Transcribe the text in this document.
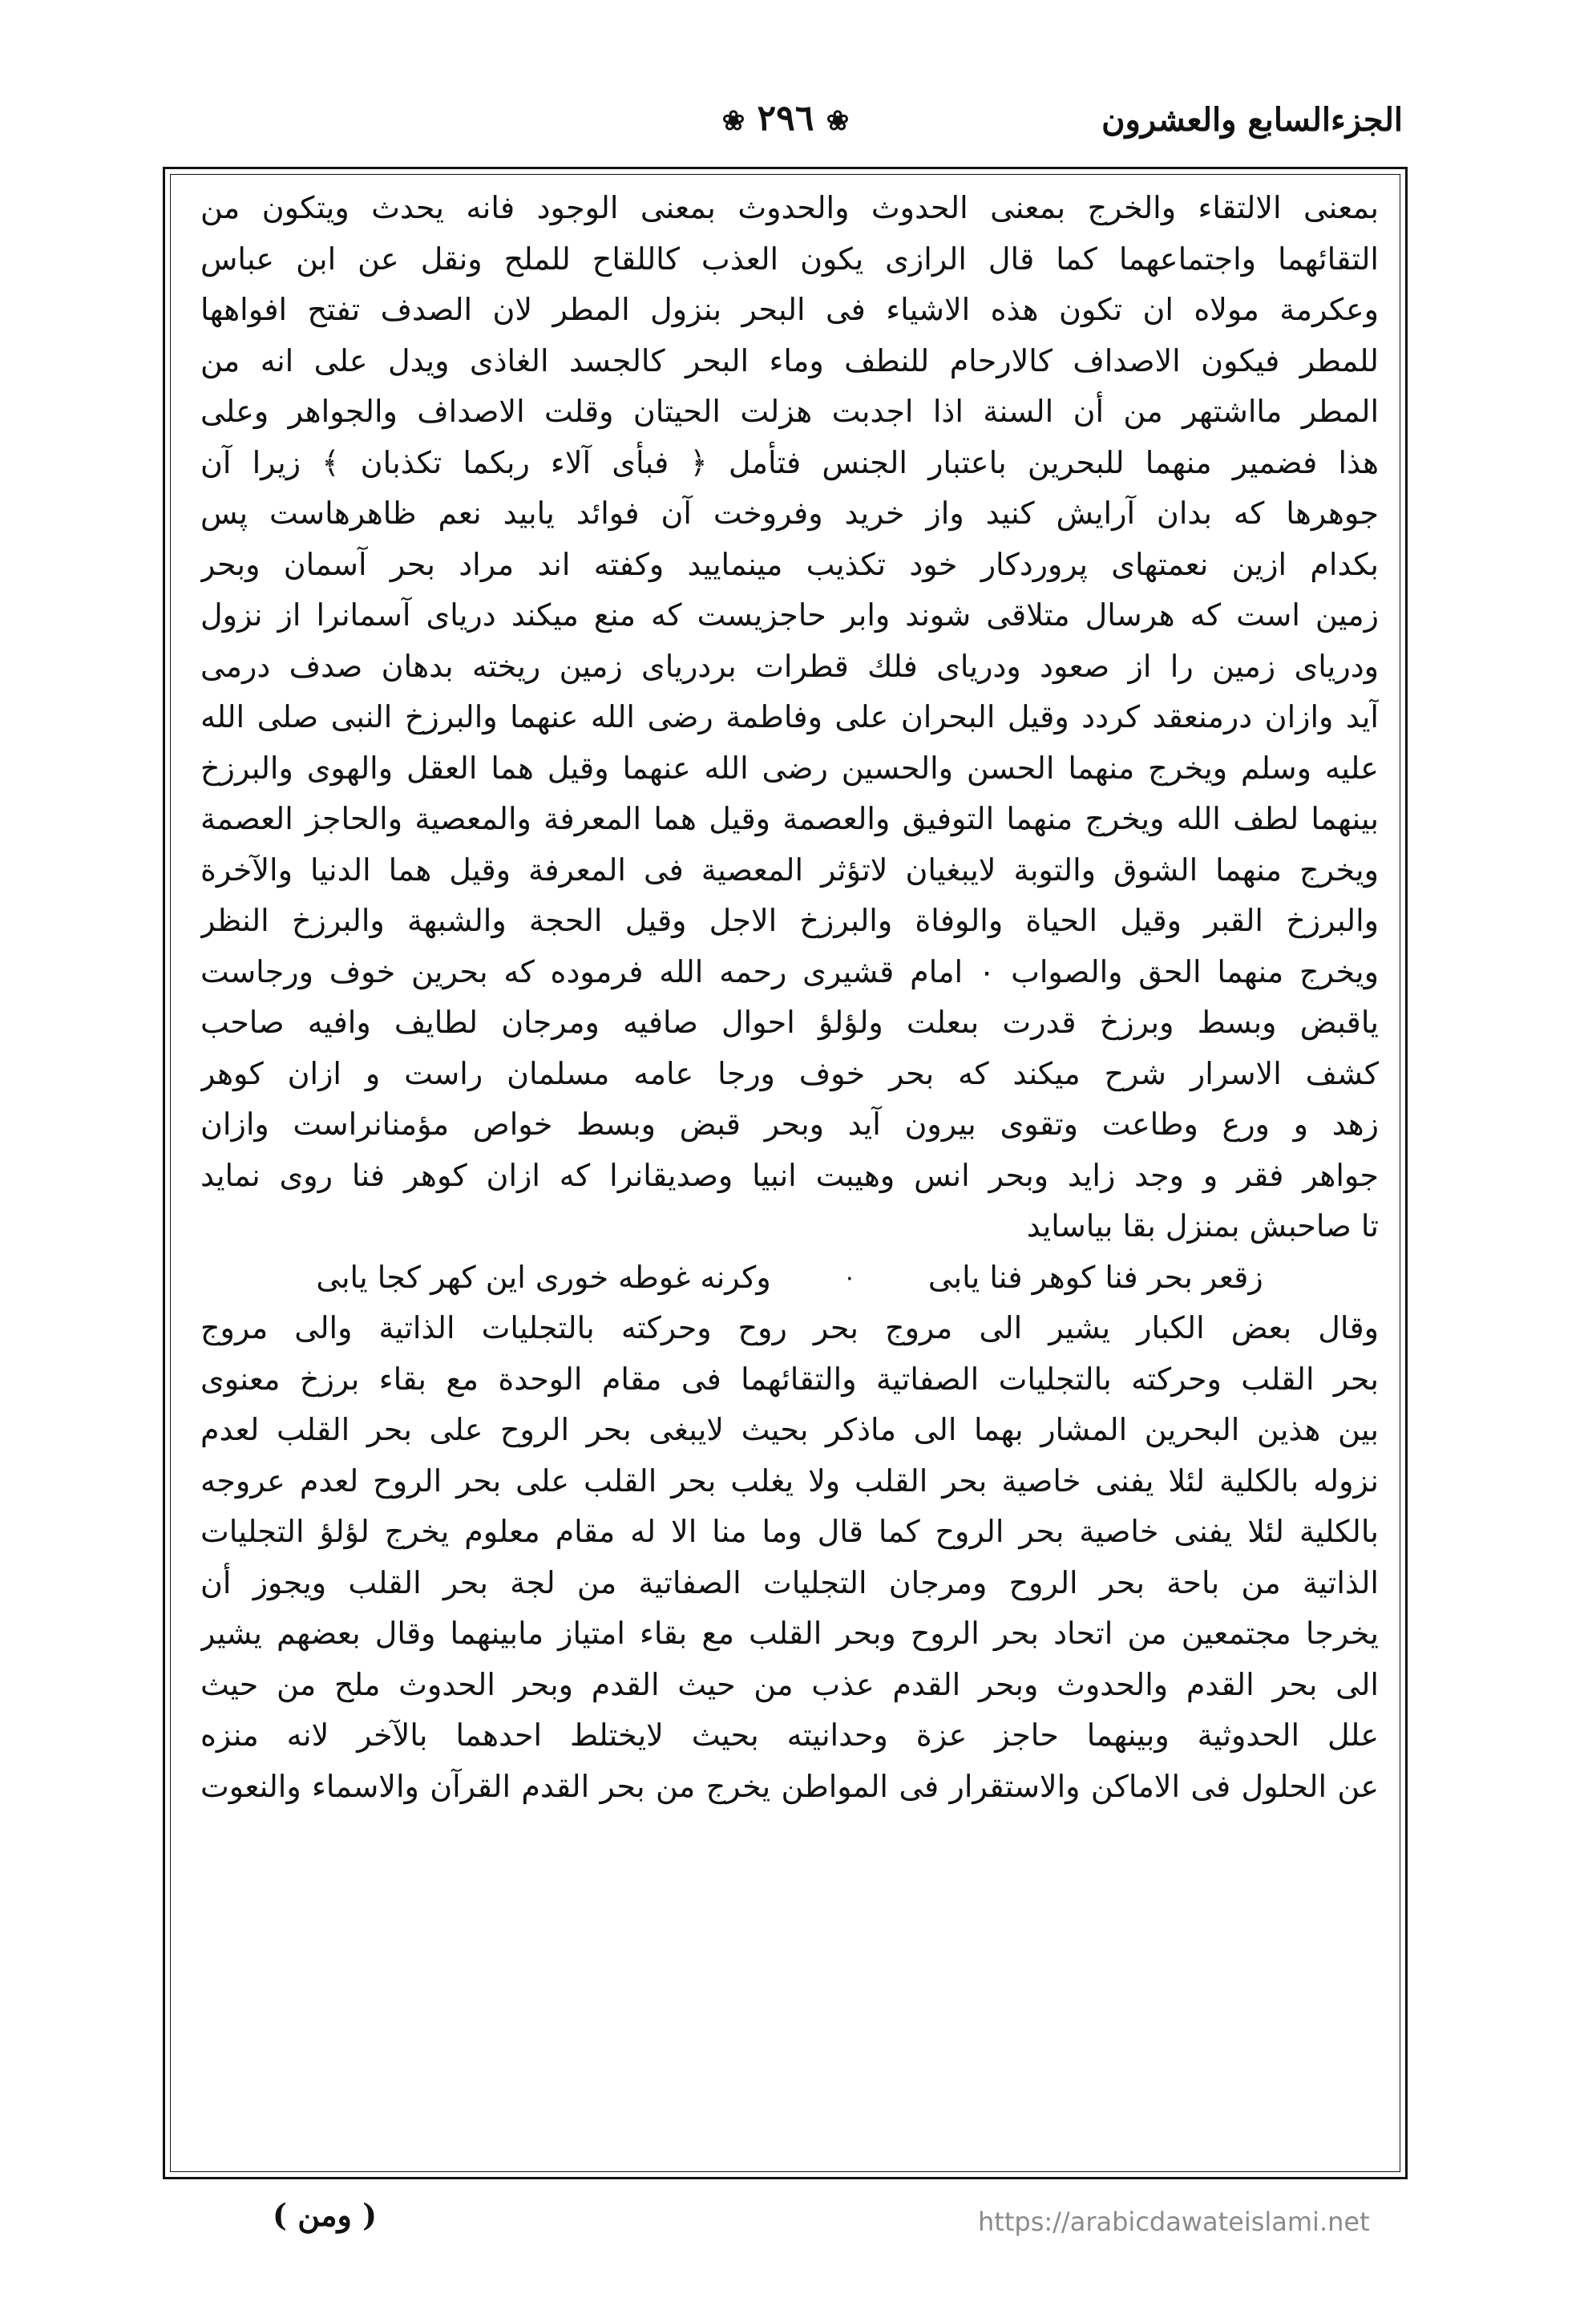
الجزءالسابع والعشرون
❀ ٢٩٦ ❀
بمعنى الالتقاء والخرج بمعنى الحدوث والحدوث بمعنى الوجود فانه يحدث ويتكون من
التقائهما واجتماعهما كما قال الرازى يكون العذب كاللقاح للملح ونقل عن ابن عباس
وعكرمة مولاه ان تكون هذه الاشياء فى البحر بنزول المطر لان الصدف تفتح افواهها
للمطر فيكون الاصداف كالارحام للنطف وماء البحر كالجسد الغاذى ويدل على انه من
المطر مااشتهر من أن السنة اذا اجدبت هزلت الحيتان وقلت الاصداف والجواهر وعلى
هذا فضمير منهما للبحرين باعتبار الجنس فتأمل ﴿ فبأى آلاء ربكما تكذبان ﴾ زيرا آن
جوهرها كه بدان آرايش كنيد واز خريد وفروخت آن فوائد يابيد نعم ظاهرهاست پس
بكدام ازين نعمتهاى پروردكار خود تكذيب مينماييد وكفته اند مراد بحر آسمان وبحر
زمين است كه هرسال متلاقى شوند وابر حاجزيست كه منع ميكند درياى آسمانرا از نزول
ودرياى زمين را از صعود ودرياى فلك قطرات بردرياى زمين ريخته بدهان صدف درمى
آيد وازان درمنعقد كردد وقيل البحران على وفاطمة رضى الله عنهما والبرزخ النبى صلى الله
عليه وسلم ويخرج منهما الحسن والحسين رضى الله عنهما وقيل هما العقل والهوى والبرزخ
بينهما لطف الله ويخرج منهما التوفيق والعصمة وقيل هما المعرفة والمعصية والحاجز العصمة
ويخرج منهما الشوق والتوبة لايبغيان لاتؤثر المعصية فى المعرفة وقيل هما الدنيا والآخرة
والبرزخ القبر وقيل الحياة والوفاة والبرزخ الاجل وقيل الحجة والشبهة والبرزخ النظر
ويخرج منهما الحق والصواب ۰ امام قشيرى رحمه الله فرموده كه بحرين خوف ورجاست
ياقبض وبسط وبرزخ قدرت بىعلت ولؤلؤ احوال صافيه ومرجان لطايف وافيه صاحب
كشف الاسرار شرح ميكند كه بحر خوف ورجا عامه مسلمان راست و ازان كوهر
زهد و ورع وطاعت وتقوى بيرون آيد وبحر قبض وبسط خواص مؤمنانراست وازان
جواهر فقر و وجد زايد وبحر انس وهيبت انبيا وصديقانرا كه ازان كوهر فنا روى نمايد
تا صاحبش بمنزل بقا بياسايد
زقعر بحر فنا كوهر فنا يابى
۰
وكرنه غوطه خورى اين كهر كجا يابى
وقال بعض الكبار يشير الى مروج بحر روح وحركته بالتجليات الذاتية والى مروج
بحر القلب وحركته بالتجليات الصفاتية والتقائهما فى مقام الوحدة مع بقاء برزخ معنوى
بين هذين البحرين المشار بهما الى ماذكر بحيث لايبغى بحر الروح على بحر القلب لعدم
نزوله بالكلية لئلا يفنى خاصية بحر القلب ولا يغلب بحر القلب على بحر الروح لعدم عروجه
بالكلية لئلا يفنى خاصية بحر الروح كما قال وما منا الا له مقام معلوم يخرج لؤلؤ التجليات
الذاتية من باحة بحر الروح ومرجان التجليات الصفاتية من لجة بحر القلب ويجوز أن
يخرجا مجتمعين من اتحاد بحر الروح وبحر القلب مع بقاء امتياز مابينهما وقال بعضهم يشير
الى بحر القدم والحدوث وبحر القدم عذب من حيث القدم وبحر الحدوث ملح من حيث
علل الحدوثية وبينهما حاجز عزة وحدانيته بحيث لايختلط احدهما بالآخر لانه منزه
عن الحلول فى الاماكن والاستقرار فى المواطن يخرج من بحر القدم القرآن والاسماء والنعوت
( ومن )	https://arabicdawateislami.net
